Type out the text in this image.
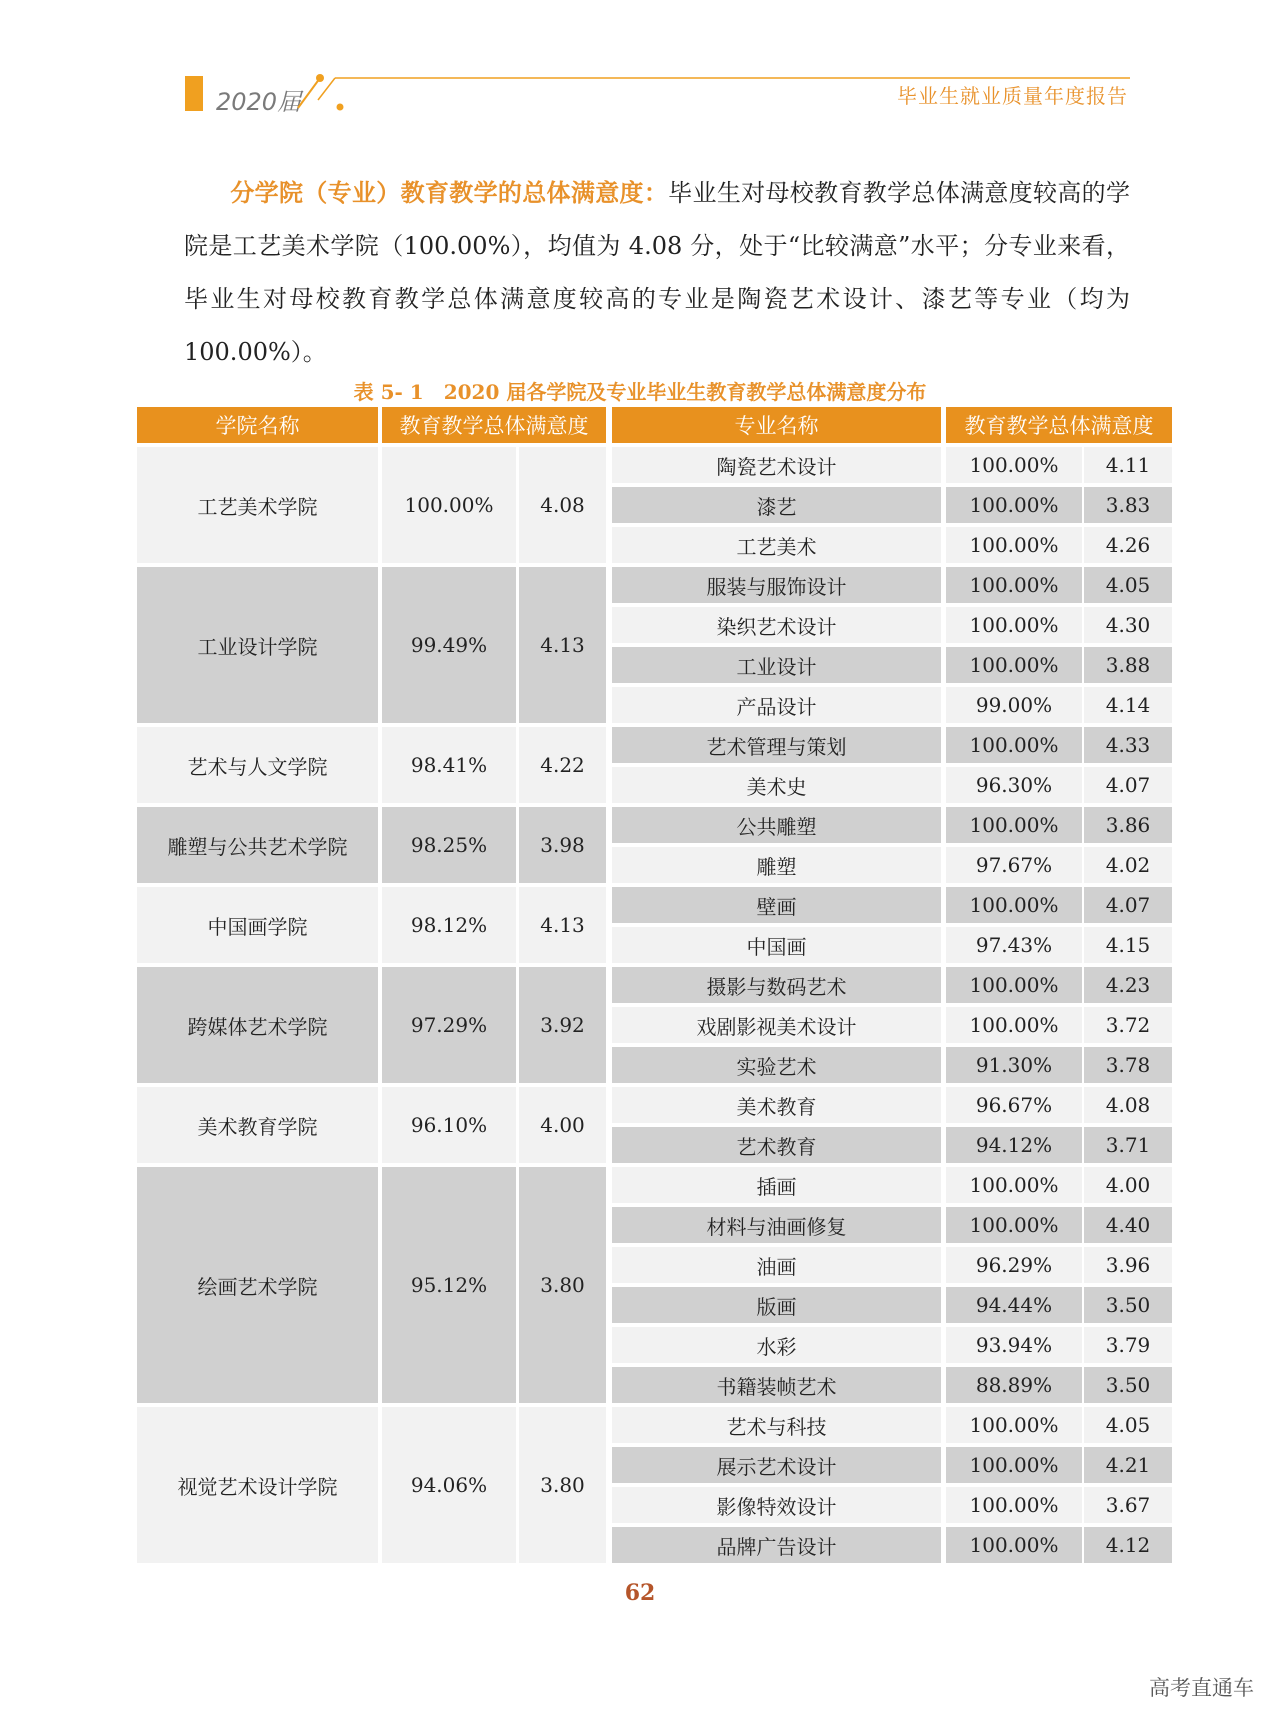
2020届	毕业生就业质量年度报告
分学院（专业）教育教学的总体满意度：毕业生对母校教育教学总体满意度较高的学院是工艺美术学院（100.00%），均值为 4.08 分，处于“比较满意”水平；分专业来看，毕业生对母校教育教学总体满意度较高的专业是陶瓷艺术设计、漆艺等专业（均为 100.00%）。
表 5- 1　2020 届各学院及专业毕业生教育教学总体满意度分布
学院名称	教育教学总体满意度	专业名称	教育教学总体满意度
工艺美术学院	100.00%	4.08
陶瓷艺术设计	100.00%	4.11
漆艺	100.00%	3.83
工艺美术	100.00%	4.26
工业设计学院	99.49%	4.13
服装与服饰设计	100.00%	4.05
染织艺术设计	100.00%	4.30
工业设计	100.00%	3.88
产品设计	99.00%	4.14
艺术与人文学院	98.41%	4.22
艺术管理与策划	100.00%	4.33
美术史	96.30%	4.07
雕塑与公共艺术学院	98.25%	3.98
公共雕塑	100.00%	3.86
雕塑	97.67%	4.02
中国画学院	98.12%	4.13
壁画	100.00%	4.07
中国画	97.43%	4.15
跨媒体艺术学院	97.29%	3.92
摄影与数码艺术	100.00%	4.23
戏剧影视美术设计	100.00%	3.72
实验艺术	91.30%	3.78
美术教育学院	96.10%	4.00
美术教育	96.67%	4.08
艺术教育	94.12%	3.71
绘画艺术学院	95.12%	3.80
插画	100.00%	4.00
材料与油画修复	100.00%	4.40
油画	96.29%	3.96
版画	94.44%	3.50
水彩	93.94%	3.79
书籍装帧艺术	88.89%	3.50
视觉艺术设计学院	94.06%	3.80
艺术与科技	100.00%	4.05
展示艺术设计	100.00%	4.21
影像特效设计	100.00%	3.67
品牌广告设计	100.00%	4.12
62
高考直通车
